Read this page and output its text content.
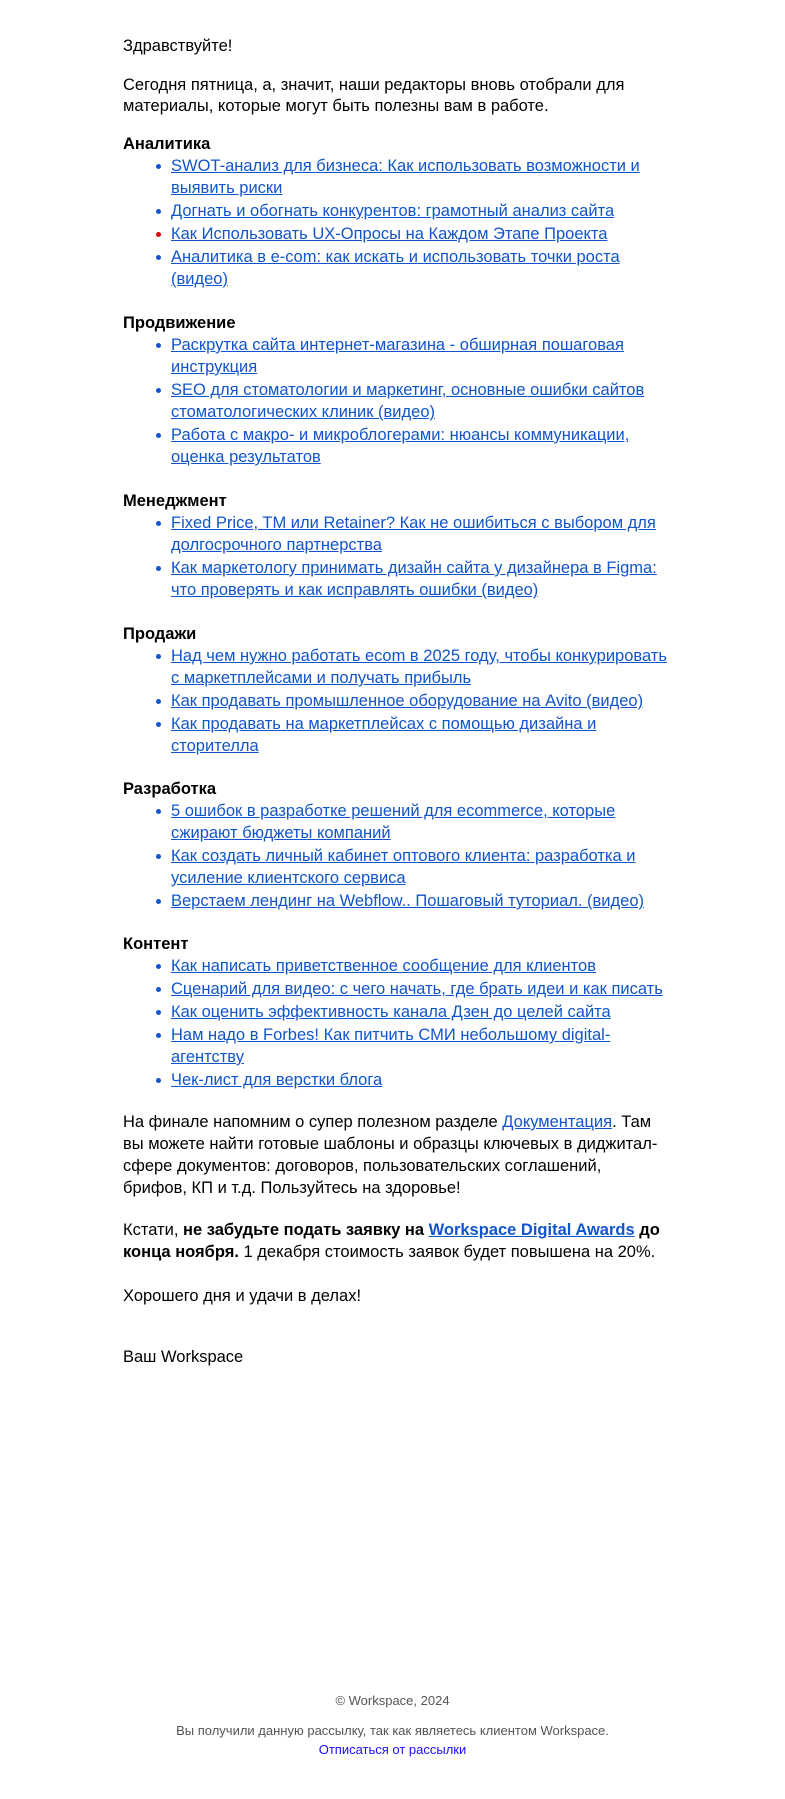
Здравствуйте!

Сегодня пятница, а, значит, наши редакторы вновь отобрали для материалы, которые могут быть полезны вам в работе.

Аналитика

SWOT-анализ для бизнеса: Как использовать возможности и выявить риски
Догнать и обогнать конкурентов: грамотный анализ сайта
Как Использовать UX-Опросы на Каждом Этапе Проекта
Аналитика в e-com: как искать и использовать точки роста (видео)

Продвижение

Раскрутка сайта интернет-магазина - обширная пошаговая инструкция
SEO для стоматологии и маркетинг, основные ошибки сайтов стоматологических клиник (видео)
Работа с макро- и микроблогерами: нюансы коммуникации, оценка результатов

Менеджмент

Fixed Price, TM или Retainer? Как не ошибиться с выбором для долгосрочного партнерства
Как маркетологу принимать дизайн сайта у дизайнера в Figma: что проверять и как исправлять ошибки (видео)

Продажи

Над чем нужно работать ecom в 2025 году, чтобы конкурировать с маркетплейсами и получать прибыль
Как продавать промышленное оборудование на Avito (видео)
Как продавать на маркетплейсах с помощью дизайна и сторителла

Разработка

5 ошибок в разработке решений для ecommerce, которые сжирают бюджеты компаний
Как создать личный кабинет оптового клиента: разработка и усиление клиентского сервиса
Верстаем лендинг на Webflow.. Пошаговый туториал. (видео)

Контент

Как написать приветственное сообщение для клиентов
Сценарий для видео: с чего начать, где брать идеи и как писать
Как оценить эффективность канала Дзен до целей сайта
Нам надо в Forbes! Как питчить СМИ небольшому digital-агентству
Чек-лист для верстки блога

На финале напомним о супер полезном разделе Документация. Там вы можете найти готовые шаблоны и образцы ключевых в диджитал-сфере документов: договоров, пользовательских соглашений, брифов, КП и т.д. Пользуйтесь на здоровье!

Кстати, не забудьте подать заявку на Workspace Digital Awards до конца ноября. 1 декабря стоимость заявок будет повышена на 20%.

Хорошего дня и удачи в делах!

Ваш Workspace

© Workspace, 2024
Вы получили данную рассылку, так как являетесь клиентом Workspace.
Отписаться от рассылки
